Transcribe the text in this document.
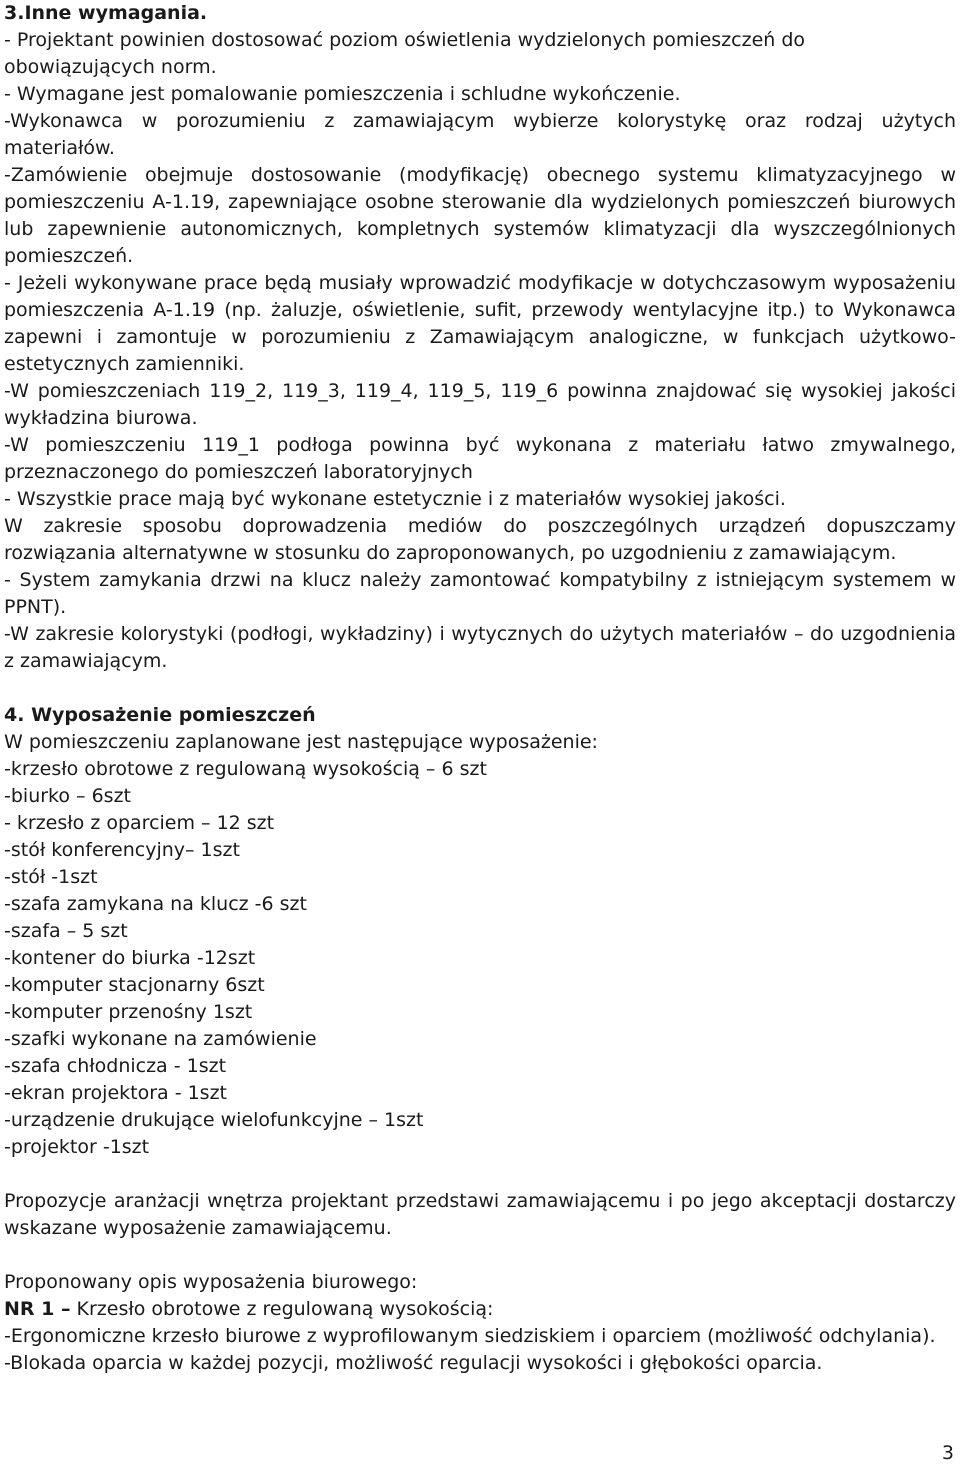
3.Inne wymagania.

- Projektant powinien dostosować poziom oświetlenia wydzielonych pomieszczeń do obowiązujących norm.

- Wymagane jest pomalowanie pomieszczenia i schludne wykończenie.

-Wykonawca w porozumieniu z zamawiającym wybierze kolorystykę oraz rodzaj użytych materiałów.

-Zamówienie obejmuje dostosowanie (modyfikację) obecnego systemu klimatyzacyjnego w pomieszczeniu A-1.19, zapewniające osobne sterowanie dla wydzielonych pomieszczeń biurowych lub zapewnienie autonomicznych, kompletnych systemów klimatyzacji dla wyszczególnionych pomieszczeń.

- Jeżeli wykonywane prace będą musiały wprowadzić modyfikacje w dotychczasowym wyposażeniu pomieszczenia A-1.19 (np. żaluzje, oświetlenie, sufit, przewody wentylacyjne itp.) to Wykonawca zapewni i zamontuje w porozumieniu z Zamawiającym analogiczne, w funkcjach użytkowo-estetycznych zamienniki.

-W pomieszczeniach 119_2, 119_3, 119_4, 119_5, 119_6 powinna znajdować się wysokiej jakości wykładzina biurowa.

-W pomieszczeniu 119_1 podłoga powinna być wykonana z materiału łatwo zmywalnego, przeznaczonego do pomieszczeń laboratoryjnych

- Wszystkie prace mają być wykonane estetycznie i z materiałów wysokiej jakości.

W zakresie sposobu doprowadzenia mediów do poszczególnych urządzeń dopuszczamy rozwiązania alternatywne w stosunku do zaproponowanych, po uzgodnieniu z zamawiającym.

- System zamykania drzwi na klucz należy zamontować kompatybilny z istniejącym systemem w PPNT).

-W zakresie kolorystyki (podłogi, wykładziny) i wytycznych do użytych materiałów – do uzgodnienia z zamawiającym.

4. Wyposażenie pomieszczeń

W pomieszczeniu zaplanowane jest następujące wyposażenie:

-krzesło obrotowe z regulowaną wysokością – 6 szt

-biurko – 6szt

- krzesło z oparciem – 12 szt

-stół konferencyjny– 1szt

-stół -1szt

-szafa zamykana na klucz -6 szt

-szafa – 5 szt

-kontener do biurka -12szt

-komputer stacjonarny 6szt

-komputer przenośny 1szt

-szafki wykonane na zamówienie

-szafa chłodnicza - 1szt

-ekran projektora - 1szt

-urządzenie drukujące wielofunkcyjne – 1szt

-projektor -1szt

Propozycje aranżacji wnętrza projektant przedstawi zamawiającemu i po jego akceptacji dostarczy wskazane wyposażenie zamawiającemu.

Proponowany opis wyposażenia biurowego:

NR 1 – Krzesło obrotowe z regulowaną wysokością:

-Ergonomiczne krzesło biurowe z wyprofilowanym siedziskiem i oparciem (możliwość odchylania).

-Blokada oparcia w każdej pozycji, możliwość regulacji wysokości i głębokości oparcia.

3
